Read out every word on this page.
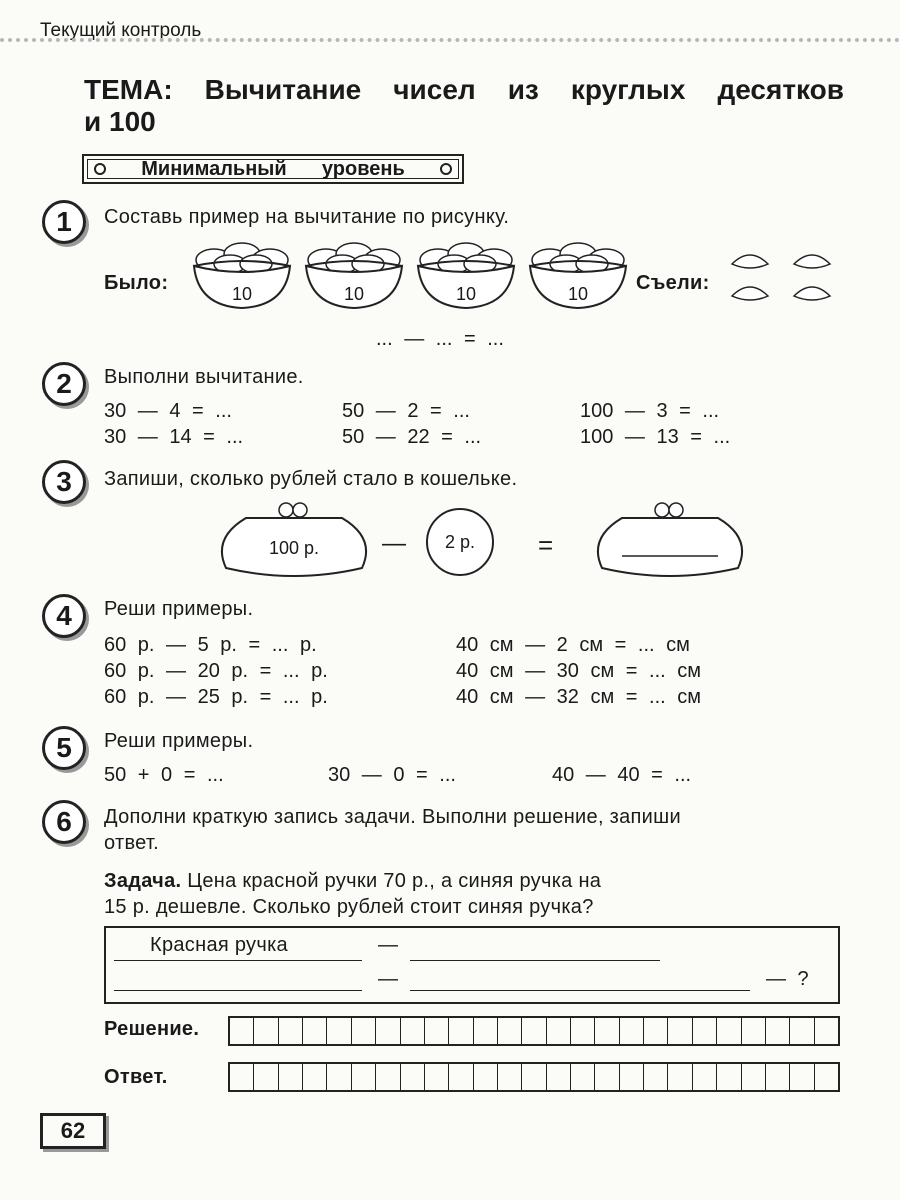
Текущий контроль
ТЕМА: Вычитание чисел из круглых десятков
и 100
Минимальный уровень
1	Составь пример на вычитание по рисунку.
Было:	10	10	10	10	Съели:
... — ... = ...
2	Выполни вычитание.
30 — 4 = ...	50 — 2 = ...	100 — 3 = ...
30 — 14 = ...	50 — 22 = ...	100 — 13 = ...
3	Запиши, сколько рублей стало в кошельке.
100 р.	— 2 р. =
4	Реши примеры.
60 р. — 5 р. = ... р.	40 см — 2 см = ... см
60 р. — 20 р. = ... р.	40 см — 30 см = ... см
60 р. — 25 р. = ... р.	40 см — 32 см = ... см
5	Реши примеры.
50 + 0 = ...	30 — 0 = ...	40 — 40 = ...
6	Дополни краткую запись задачи. Выполни решение, запиши
ответ.
Задача. Цена красной ручки 70 р., а синяя ручка на
15 р. дешевле. Сколько рублей стоит синяя ручка?
Красная ручка	—
—	— ?
Решение.
Ответ.
62
